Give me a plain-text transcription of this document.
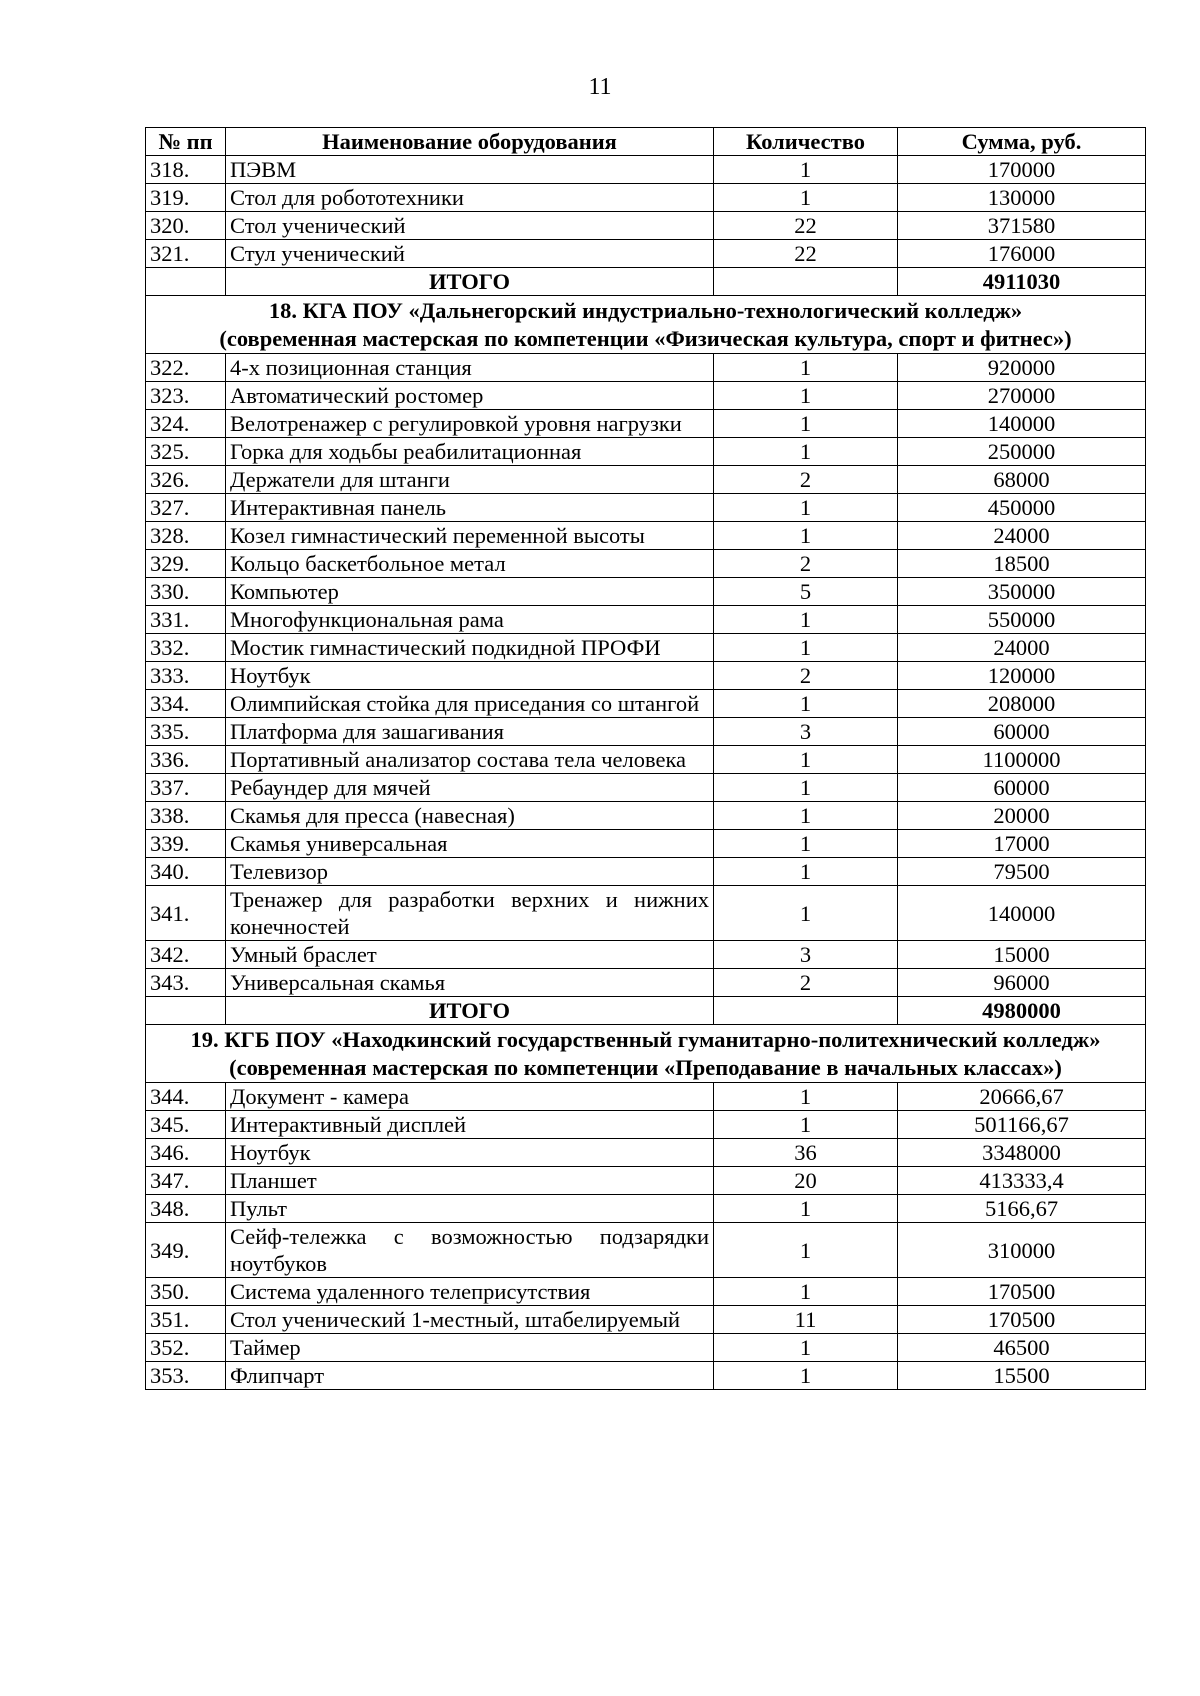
11
№ пп	Наименование оборудования	Количество	Сумма, руб.
318.	ПЭВМ	1	170000
319.	Стол для робототехники	1	130000
320.	Стол ученический	22	371580
321.	Стул ученический	22	176000
	ИТОГО		4911030

18. КГА ПОУ «Дальнегорский индустриально-технологический колледж»
(современная мастерская по компетенции «Физическая культура, спорт и фитнес»)			

322.	4-х позиционная станция	1	920000
323.	Автоматический ростомер	1	270000
324.	Велотренажер с регулировкой уровня нагрузки	1	140000
325.	Горка для ходьбы реабилитационная	1	250000
326.	Держатели для штанги	2	68000
327.	Интерактивная панель	1	450000
328.	Козел гимнастический переменной высоты	1	24000
329.	Кольцо баскетбольное метал	2	18500
330.	Компьютер	5	350000
331.	Многофункциональная рама	1	550000
332.	Мостик гимнастический подкидной ПРОФИ	1	24000
333.	Ноутбук	2	120000
334.	Олимпийская стойка для приседания со штангой	1	208000
335.	Платформа для зашагивания	3	60000
336.	Портативный анализатор состава тела человека	1	1100000
337.	Ребаундер для мячей	1	60000
338.	Скамья для пресса (навесная)	1	20000
339.	Скамья универсальная	1	17000
340.	Телевизор	1	79500
341.	Тренажер для разработки верхних и нижних конечностей	1	140000
342.	Умный браслет	3	15000
343.	Универсальная скамья	2	96000
	ИТОГО		4980000

19. КГБ ПОУ «Находкинский государственный гуманитарно-политехнический колледж»
(современная мастерская по компетенции «Преподавание в начальных классах»)			

344.	Документ - камера	1	20666,67
345.	Интерактивный дисплей	1	501166,67
346.	Ноутбук	36	3348000
347.	Планшет	20	413333,4
348.	Пульт	1	5166,67
349.	Сейф-тележка с возможностью подзарядки ноутбуков	1	310000
350.	Система удаленного телеприсутствия	1	170500
351.	Стол ученический 1-местный, штабелируемый	11	170500
352.	Таймер	1	46500
353.	Флипчарт	1	15500
